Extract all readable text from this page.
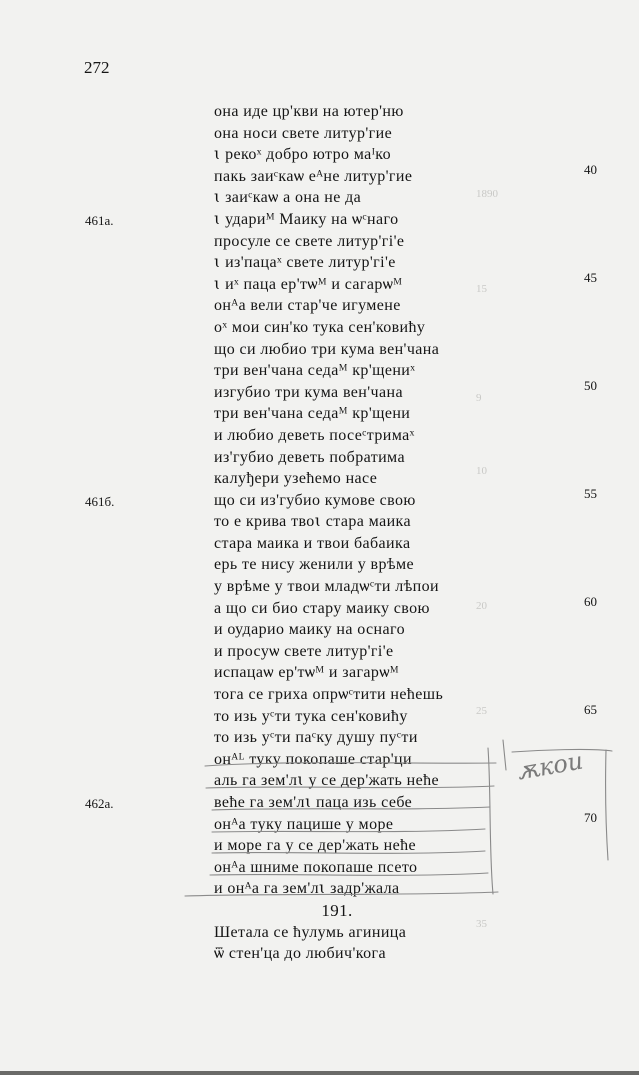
272
она иде цр'кви на ютер'ню
она носи свете литур'гие
ꙇ рекоˣ добро ютро маᴵко
пакь заиᶜкаѡ еᴬне литур'гие
ꙇ заиᶜкаѡ а она не да
ꙇ удариᴹ Маику на ѡᶜнаго
просуле се свете литур'гі'е
ꙇ из'пацаˣ свете литур'гі'е
ꙇ иˣ паца ер'тѡᴹ и сагарѡᴹ
онᴬа вели стар'че игумене
оˣ мои син'ко тука сен'ковићу
що си любио три кума вен'чана
три вен'чана седаᴹ кр'щениˣ
изгубио три кума вен'чана
три вен'чана седаᴹ кр'щени
и любио деветь посеᶜтримаˣ
из'губио деветь побратима
калуђери узећемо насе
що си из'губио кумове свою
то е крива твоꙇ стара маика
стара маика и твои бабаика
ерь те нису женили у врѣме
у врѣме у твои младѡᶜти лѣпои
а що си био стару маику свою
и оударио маику на оснаго
и просуѡ свете литур'гі'е
испацаѡ ер'тѡᴹ и загарѡᴹ
тога се гриха опрѡᶜтити нећешь
то изь уᶜти тука сен'ковићу
то изь уᶜти паᶜку душу пуᶜти
онᴬᴸ туку покопаше стар'ци
аль га зем'лꙇ у се дер'жать неће
веће га зем'лꙇ паца изь себе
онᴬа туку пацише у море
и море га у се дер'жать неће
онᴬа шниме покопаше псето
и онᴬа га зем'лꙇ задр'жала
191.
Шетала се ћулумь агиница
ѿ стен'ца до любич'кога
461a.
461б.
462a.
40
45
50
55
60
65
70
ѫкои
1890
15
9
10
20
25
35
